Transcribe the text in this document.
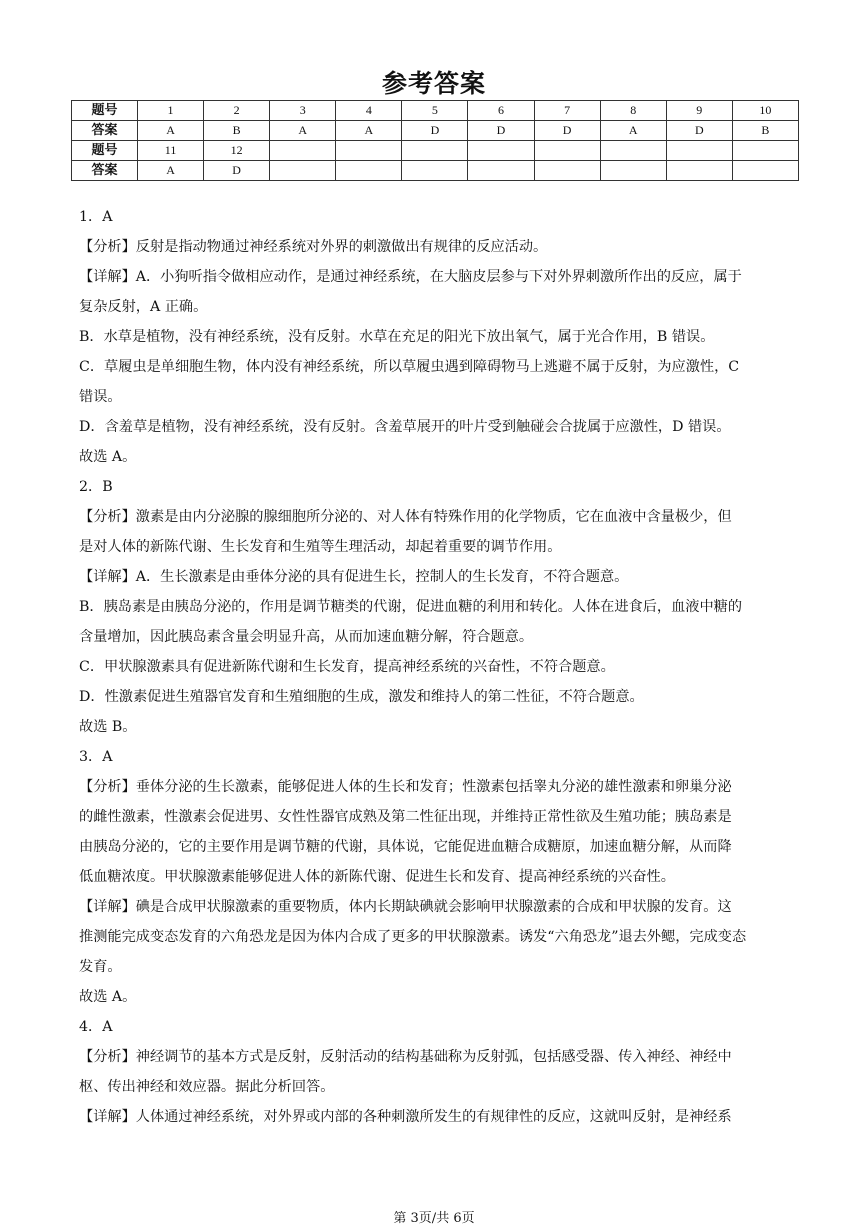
参考答案
题号	1	2	3	4	5	6	7	8	9	10
答案	A	B	A	A	D	D	D	A	D	B
题号	11	12								
答案	A	D								
1．A
【分析】反射是指动物通过神经系统对外界的刺激做出有规律的反应活动。
【详解】A．小狗听指令做相应动作，是通过神经系统，在大脑皮层参与下对外界刺激所作出的反应，属于
复杂反射，A 正确。
B．水草是植物，没有神经系统，没有反射。水草在充足的阳光下放出氧气，属于光合作用，B 错误。
C．草履虫是单细胞生物，体内没有神经系统，所以草履虫遇到障碍物马上逃避不属于反射，为应激性，C
错误。
D．含羞草是植物，没有神经系统，没有反射。含羞草展开的叶片受到触碰会合拢属于应激性，D 错误。
故选 A。
2．B
【分析】激素是由内分泌腺的腺细胞所分泌的、对人体有特殊作用的化学物质，它在血液中含量极少，但
是对人体的新陈代谢、生长发育和生殖等生理活动，却起着重要的调节作用。
【详解】A．生长激素是由垂体分泌的具有促进生长，控制人的生长发育，不符合题意。
B．胰岛素是由胰岛分泌的，作用是调节糖类的代谢，促进血糖的利用和转化。人体在进食后，血液中糖的
含量增加，因此胰岛素含量会明显升高，从而加速血糖分解，符合题意。
C．甲状腺激素具有促进新陈代谢和生长发育，提高神经系统的兴奋性，不符合题意。
D．性激素促进生殖器官发育和生殖细胞的生成，激发和维持人的第二性征，不符合题意。
故选 B。
3．A
【分析】垂体分泌的生长激素，能够促进人体的生长和发育；性激素包括睾丸分泌的雄性激素和卵巢分泌
的雌性激素，性激素会促进男、女性性器官成熟及第二性征出现，并维持正常性欲及生殖功能；胰岛素是
由胰岛分泌的，它的主要作用是调节糖的代谢，具体说，它能促进血糖合成糖原，加速血糖分解，从而降
低血糖浓度。甲状腺激素能够促进人体的新陈代谢、促进生长和发育、提高神经系统的兴奋性。
【详解】碘是合成甲状腺激素的重要物质，体内长期缺碘就会影响甲状腺激素的合成和甲状腺的发育。这
推测能完成变态发育的六角恐龙是因为体内合成了更多的甲状腺激素。诱发“六角恐龙”退去外鳃，完成变态
发育。
故选 A。
4．A
【分析】神经调节的基本方式是反射，反射活动的结构基础称为反射弧，包括感受器、传入神经、神经中
枢、传出神经和效应器。据此分析回答。
【详解】人体通过神经系统，对外界或内部的各种刺激所发生的有规律性的反应，这就叫反射，是神经系
第 3页/共 6页
